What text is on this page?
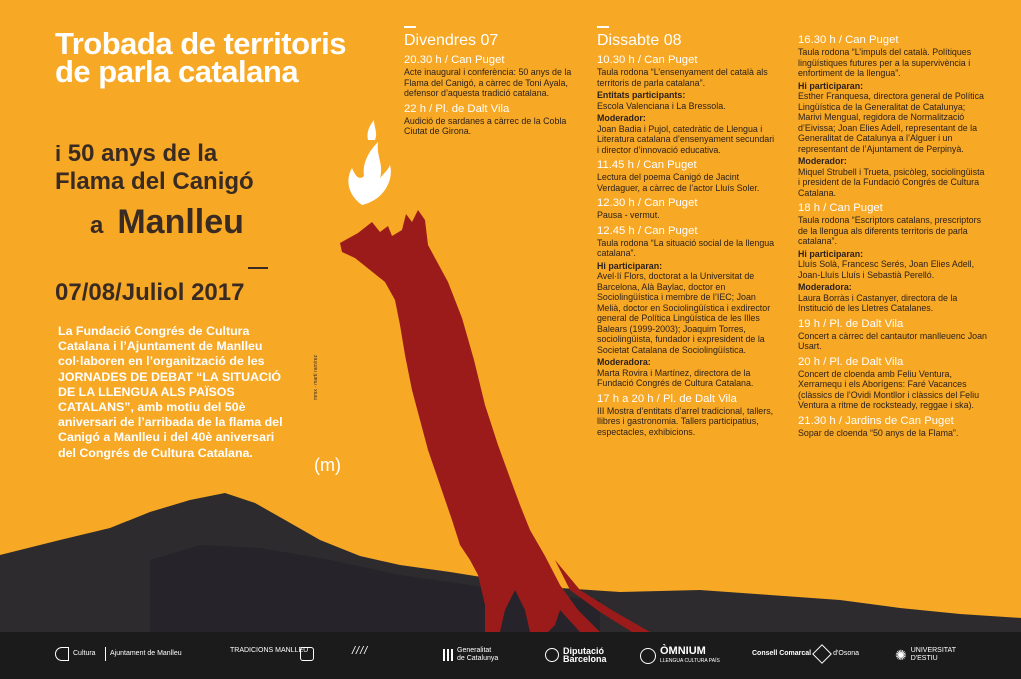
Trobada de territoris de parla catalana
i 50 anys de la
Flama del Canigó
a Manlleu
07/08/Juliol 2017
La Fundació Congrés de Cultura Catalana i l’Ajuntament de Manlleu col·laboren en l’organització de les JORNADES DE DEBAT “LA SITUACIÓ DE LA LLENGUA ALS PAÏSOS CATALANS”, amb motiu del 50è aniversari de l’arribada de la flama del Canigó a Manlleu i del 40è aniversari del Congrés de Cultura Catalana.
mmx · martí ramírez
(m)
Divendres 07
20.30 h / Can Puget
Acte inaugural i conferència: 50 anys de la Flama del Canigó, a càrrec de Toni Ayala, defensor d’aquesta tradició catalana.
22 h / Pl. de Dalt Vila
Audició de sardanes a càrrec de la Cobla Ciutat de Girona.
Dissabte 08
10.30 h / Can Puget
Taula rodona “L’ensenyament del català als territoris de parla catalana”.
Entitats participants:
Escola Valenciana i La Bressola.
Moderador:
Joan Badia i Pujol, catedràtic de Llengua i Literatura catalana d’ensenyament secundari i director d’innovació educativa.
11.45 h / Can Puget
Lectura del poema Canigó de Jacint Verdaguer, a càrrec de l’actor Lluís Soler.
12.30 h / Can Puget
Pausa - vermut.
12.45 h / Can Puget
Taula rodona “La situació social de la llengua catalana”.
Hi participaran:
Avel·lí Flors, doctorat a la Universitat de Barcelona, Alà Baylac, doctor en Sociolingüística i membre de l’IEC; Joan Melià, doctor en Sociolingüística i exdirector general de Política Lingüística de les Illes Balears (1999-2003); Joaquim Torres, sociolingüista, fundador i expresident de la Societat Catalana de Sociolingüística.
Moderadora:
Marta Rovira i Martínez, directora de la Fundació Congrés de Cultura Catalana.
17 h a 20 h / Pl. de Dalt Vila
III Mostra d’entitats d’arrel tradicional, tallers, llibres i gastronomia. Tallers participatius, espectacles, exhibicions.
16.30 h / Can Puget
Taula rodona “L’impuls del català. Polítiques lingüístiques futures per a la supervivència i enfortiment de la llengua”.
Hi participaran:
Esther Franquesa, directora general de Política Lingüística de la Generalitat de Catalunya; Marivi Mengual, regidora de Normalització d’Eivissa; Joan Elies Adell, representant de la Generalitat de Catalunya a l’Alguer i un representant de l’Ajuntament de Perpinyà.
Moderador:
Miquel Strubell i Trueta, psicòleg, sociolingüista i president de la Fundació Congrés de Cultura Catalana.
18 h / Can Puget
Taula rodona “Escriptors catalans, prescriptors de la llengua als diferents territoris de parla catalana”.
Hi participaran:
Lluís Solà, Francesc Serés, Joan Elies Adell, Joan-Lluís Lluís i Sebastià Perelló.
Moderadora:
Laura Borràs i Castanyer, directora de la Institució de les Lletres Catalanes.
19 h / Pl. de Dalt Vila
Concert a càrrec del cantautor manlleuenc Joan Usart.
20 h / Pl. de Dalt Vila
Concert de cloenda amb Feliu Ventura, Xerramequ i els Aborígens: Faré Vacances (clàssics de l’Ovidi Montllor i clàssics del Feliu Ventura a ritme de rocksteady, reggae i ska).
21.30 h / Jardins de Can Puget
Sopar de cloenda “50 anys de la Flama”.
Cultura Ajuntament de Manlleu	TRADICIONS MANLLEU	////	Generalitat
de Catalunya
Diputació
Barcelona
ÒMNIUM
LLENGUA CULTURA PAÍS
Consell Comarcal	d'Osona	✺ UNIVERSITAT
D'ESTIU
